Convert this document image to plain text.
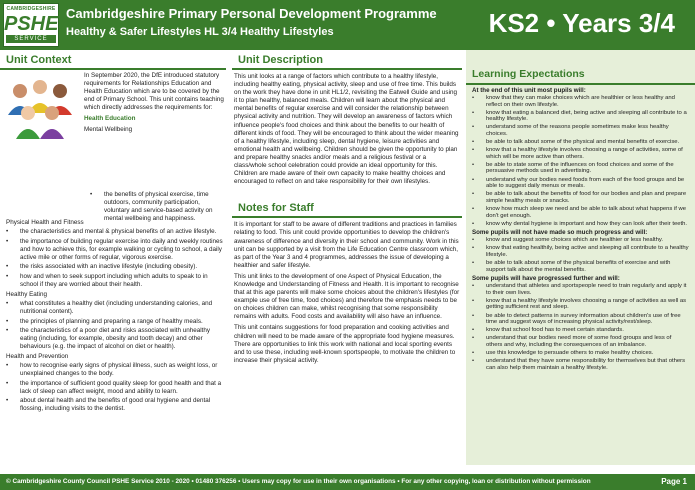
CAMBRIDGESHIRE
PSHE
SERVICE
Cambridgeshire Primary Personal Development Programme
Healthy & Safer Lifestyles HL 3/4 Healthy Lifestyles	KS2 • Years 3/4
Unit Context

In September 2020, the DfE introduced statutory requirements for Relationships Education and Health Education which are to be covered by the end of Primary School. This unit contains teaching which directly addresses the requirements for:

Health Education

Mental Wellbeing

•	the benefits of physical exercise, time outdoors, community participation, voluntary and service-based activity on mental wellbeing and happiness.
Physical Health and Fitness
•	the characteristics and mental & physical benefits of an active lifestyle.
•	the importance of building regular exercise into daily and weekly routines and how to achieve this, for example walking or cycling to school, a daily active mile or other forms of regular, vigorous exercise.
•	the risks associated with an inactive lifestyle (including obesity).
•	how and when to seek support including which adults to speak to in school if they are worried about their health.
Healthy Eating
•	what constitutes a healthy diet (including understanding calories, and nutritional content).
•	the principles of planning and preparing a range of healthy meals.
•	the characteristics of a poor diet and risks associated with unhealthy eating (including, for example, obesity and tooth decay) and other behaviours (e.g. the impact of alcohol on diet or health).
Health and Prevention
•	how to recognise early signs of physical illness, such as weight loss, or unexplained changes to the body.
•	the importance of sufficient good quality sleep for good health and that a lack of sleep can affect weight, mood and ability to learn.
•	about dental health and the benefits of good oral hygiene and dental flossing, including visits to the dentist.
Unit Description

This unit looks at a range of factors which contribute to a healthy lifestyle, including healthy eating, physical activity, sleep and use of free time. This builds on the work they have done in unit HL1/2, revisiting the Eatwell Guide and using it to plan healthy, balanced meals. Children will learn about the physical and mental benefits of regular exercise and will consider the relationship between physical activity and nutrition. They will develop an awareness of factors which influence people's food choices and think about the benefits to our health of different kinds of food. They will be encouraged to think about the wider meaning of a healthy lifestyle, including sleep, dental hygiene, leisure activities and emotional health and wellbeing. Children should be given the opportunity to plan and prepare healthy snacks and/or meals and a religious festival or a class/whole school celebration could provide an ideal opportunity for this. Children are made aware of their own capacity to make healthy choices and encouraged to reflect on and take responsibility for their own lifestyles.

Notes for Staff

It is important for staff to be aware of different traditions and practices in families relating to food. This unit could provide opportunities to develop the children's awareness of difference and diversity in their school and community. Work in this unit can be supported by a visit from the Life Education Centre classroom which, as part of the Year 3 and 4 programmes, addresses the issue of developing a healthier and safer lifestyle.

This unit links to the development of one Aspect of Physical Education, the Knowledge and Understanding of Fitness and Health. It is important to recognise that at this age parents will make some choices about the children's lifestyles (for example use of free time, food choices) and therefore the emphasis needs to be on choices children can make, whilst recognising that some responsibility remains with adults. Food costs and availability will also have an influence.

This unit contains suggestions for food preparation and cooking activities and children will need to be made aware of the appropriate food hygiene measures. There are opportunities to link this work with national and local sporting events and to use these, including well-known sportspeople, to motivate the children to increase their physical activity.

Learning Expectations
At the end of this unit most pupils will:
•	know that they can make choices which are healthier or less healthy and reflect on their own lifestyle.
•	know that eating a balanced diet, being active and sleeping all contribute to a healthy lifestyle.
•	understand some of the reasons people sometimes make less healthy choices.
•	be able to talk about some of the physical and mental benefits of exercise.
•	know that a healthy lifestyle involves choosing a range of activities, some of which will be more active than others.
•	be able to state some of the influences on food choices and some of the persuasive methods used in advertising.
•	understand why our bodies need foods from each of the food groups and be able to suggest daily menus or meals.
•	be able to talk about the benefits of food for our bodies and plan and prepare simple healthy meals or snacks.
•	know how much sleep we need and be able to talk about what happens if we don't get enough.
•	know why dental hygiene is important and how they can look after their teeth.
Some pupils will not have made so much progress and will:
•	know and suggest some choices which are healthier or less healthy.
•	know that eating healthily, being active and sleeping all contribute to a healthy lifestyle.
•	be able to talk about some of the physical benefits of exercise and with support talk about the mental benefits.
Some pupils will have progressed further and will:
•	understand that athletes and sportspeople need to train regularly and apply it to their own lives.
•	know that a healthy lifestyle involves choosing a range of activities as well as getting sufficient rest and sleep.
•	be able to detect patterns in survey information about children's use of free time and suggest ways of increasing physical activity/rest/sleep.
•	know that school food has to meet certain standards.
•	understand that our bodies need more of some food groups and less of others and why, including the consequences of an imbalance.
•	use this knowledge to persuade others to make healthy choices.
•	understand that they have some responsibility for themselves but that others can also help them maintain a healthy lifestyle.
© Cambridgeshire County Council PSHE Service 2010 - 2020 • 01480 376256 • Users may copy for use in their own organisations • For any other copying, loan or distribution without permission	Page 1
